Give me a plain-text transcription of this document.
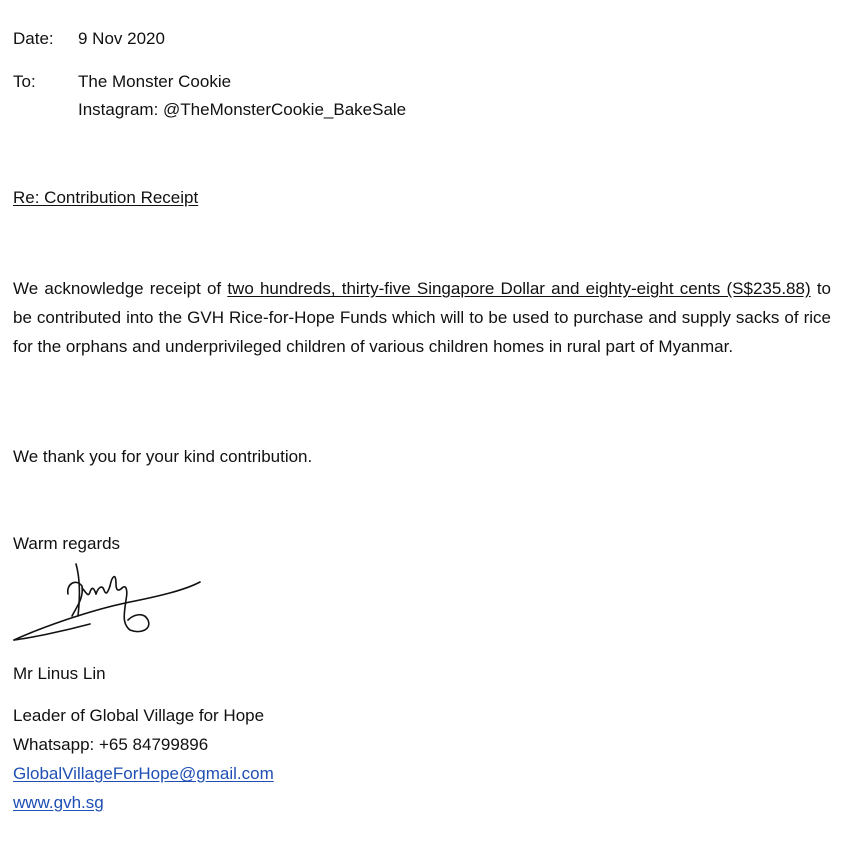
Date: 9 Nov 2020
To: The Monster Cookie
Instagram: @TheMonsterCookie_BakeSale
Re: Contribution Receipt

We acknowledge receipt of two hundreds, thirty-five Singapore Dollar and eighty-eight cents (S$235.88) to be contributed into the GVH Rice-for-Hope Funds which will to be used to purchase and supply sacks of rice for the orphans and underprivileged children of various children homes in rural part of Myanmar.

We thank you for your kind contribution.
Warm regards
Mr Linus Lin
Leader of Global Village for Hope
Whatsapp: +65 84799896
GlobalVillageForHope@gmail.com
www.gvh.sg
